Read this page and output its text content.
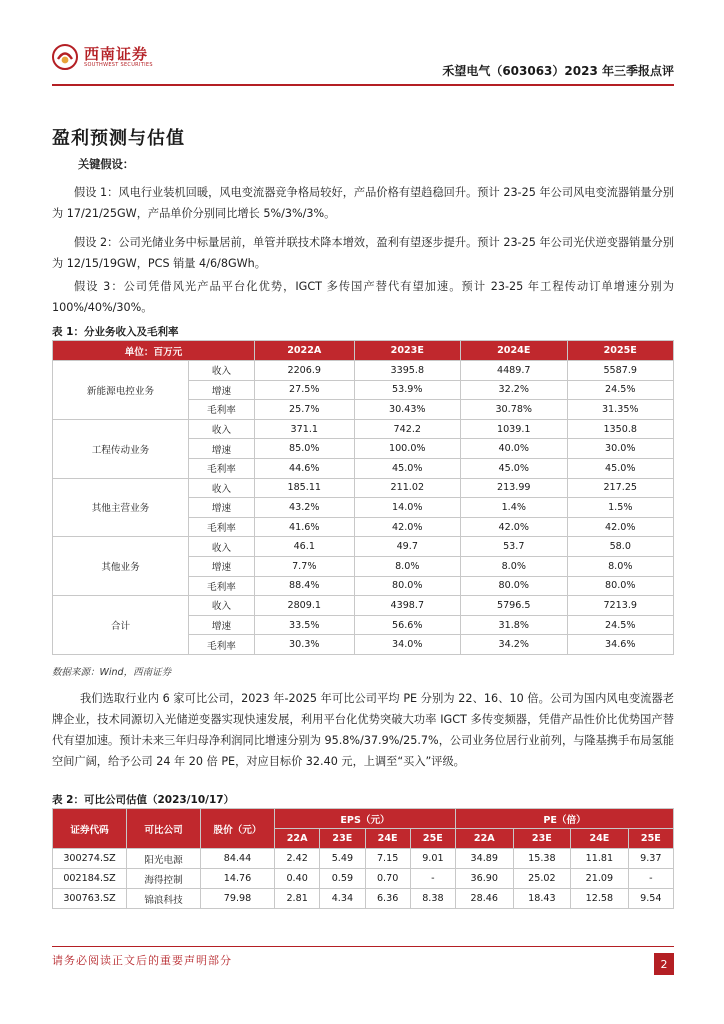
西南证券
SOUTHWEST SECURITIES	禾望电气（603063）2023 年三季报点评
盈利预测与估值
关键假设：
假设 1：风电行业装机回暖，风电变流器竞争格局较好，产品价格有望趋稳回升。预计 23-25 年公司风电变流器销量分别为 17/21/25GW，产品单价分别同比增长 5%/3%/3%。
假设 2：公司光储业务中标量居前，单管并联技术降本增效，盈利有望逐步提升。预计 23-25 年公司光伏逆变器销量分别为 12/15/19GW，PCS 销量 4/6/8GWh。
假设 3：公司凭借风光产品平台化优势，IGCT 多传国产替代有望加速。预计 23-25 年工程传动订单增速分别为 100%/40%/30%。
表 1：分业务收入及毛利率
单位：百万元		2022A	2023E	2024E	2025E
新能源电控业务	收入	2206.9	3395.8	4489.7	5587.9
	增速	27.5%	53.9%	32.2%	24.5%
	毛利率	25.7%	30.43%	30.78%	31.35%
工程传动业务	收入	371.1	742.2	1039.1	1350.8
	增速	85.0%	100.0%	40.0%	30.0%
	毛利率	44.6%	45.0%	45.0%	45.0%
其他主营业务	收入	185.11	211.02	213.99	217.25
	增速	43.2%	14.0%	1.4%	1.5%
	毛利率	41.6%	42.0%	42.0%	42.0%
其他业务	收入	46.1	49.7	53.7	58.0
	增速	7.7%	8.0%	8.0%	8.0%
	毛利率	88.4%	80.0%	80.0%	80.0%
合计	收入	2809.1	4398.7	5796.5	7213.9
	增速	33.5%	56.6%	31.8%	24.5%
	毛利率	30.3%	34.0%	34.2%	34.6%
数据来源：Wind，西南证券
我们选取行业内 6 家可比公司，2023 年-2025 年可比公司平均 PE 分别为 22、16、10 倍。公司为国内风电变流器老牌企业，技术同源切入光储逆变器实现快速发展，利用平台化优势突破大功率 IGCT 多传变频器，凭借产品性价比优势国产替代有望加速。预计未来三年归母净利润同比增速分别为 95.8%/37.9%/25.7%，公司业务位居行业前列，与隆基携手布局氢能空间广阔，给予公司 24 年 20 倍 PE，对应目标价 32.40 元，上调至“买入”评级。
表 2：可比公司估值（2023/10/17）
证券代码	可比公司	股价（元）	EPS（元）				PE（倍）			
			22A	23E	24E	25E	22A	23E	24E	25E
300274.SZ	阳光电源	84.44	2.42	5.49	7.15	9.01	34.89	15.38	11.81	9.37
002184.SZ	海得控制	14.76	0.40	0.59	0.70	-	36.90	25.02	21.09	-
300763.SZ	锦浪科技	79.98	2.81	4.34	6.36	8.38	28.46	18.43	12.58	9.54
请务必阅读正文后的重要声明部分	2
